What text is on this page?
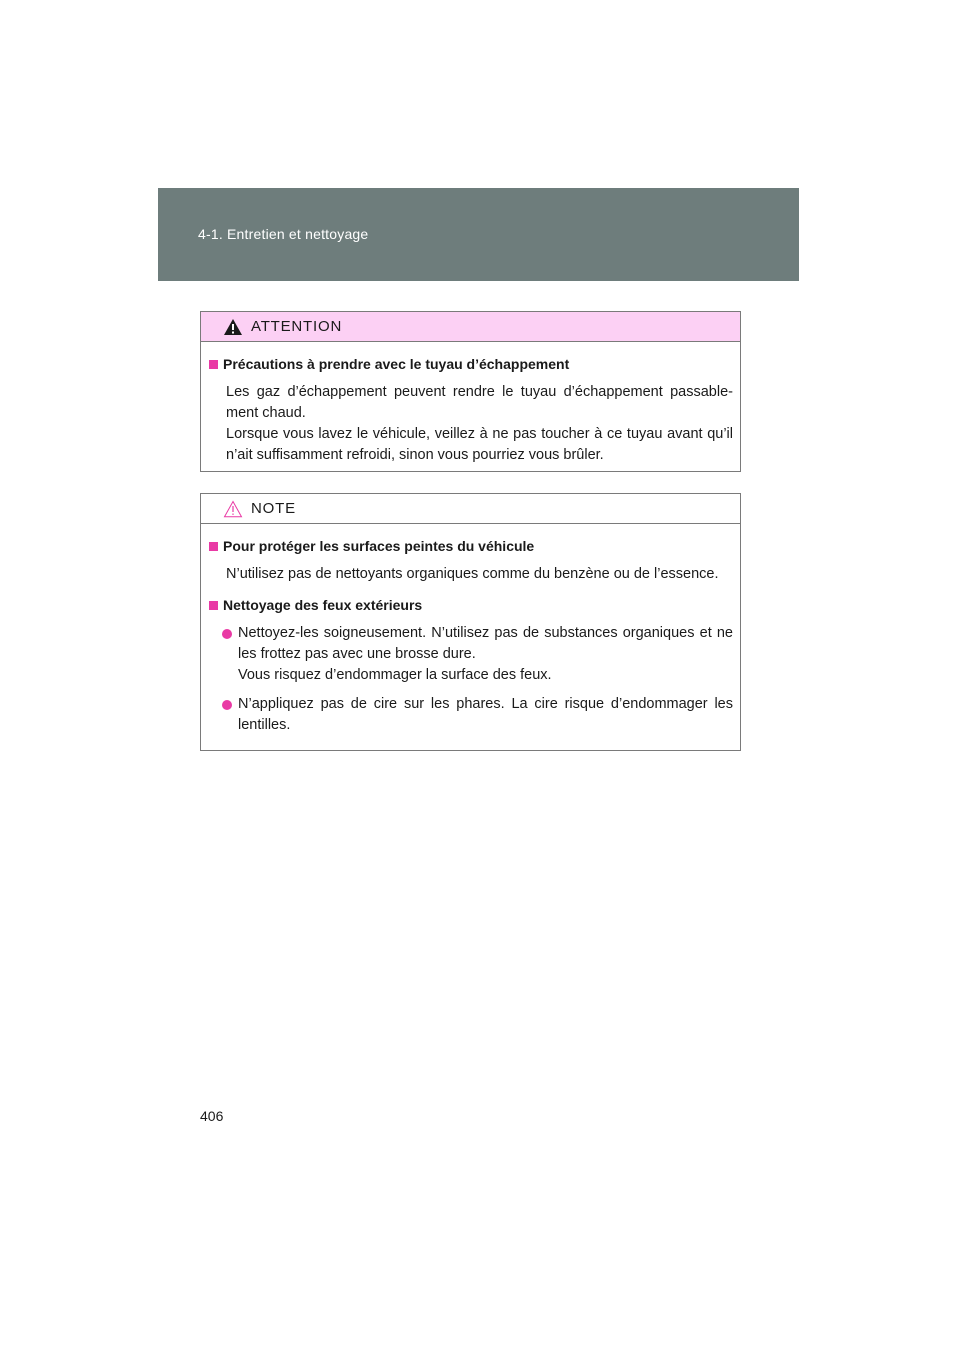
4-1. Entretien et nettoyage
ATTENTION
Précautions à prendre avec le tuyau d’échappement

Les gaz d’échappement peuvent rendre le tuyau d’échappement passable-ment chaud.

Lorsque vous lavez le véhicule, veillez à ne pas toucher à ce tuyau avant qu’il n’ait suffisamment refroidi, sinon vous pourriez vous brûler.

NOTE
Pour protéger les surfaces peintes du véhicule

N’utilisez pas de nettoyants organiques comme du benzène ou de l’essence.

Nettoyage des feux extérieurs

Nettoyez-les soigneusement. N’utilisez pas de substances organiques et ne les frottez pas avec une brosse dure.

Vous risquez d’endommager la surface des feux.

N’appliquez pas de cire sur les phares. La cire risque d’endommager les lentilles.

406
